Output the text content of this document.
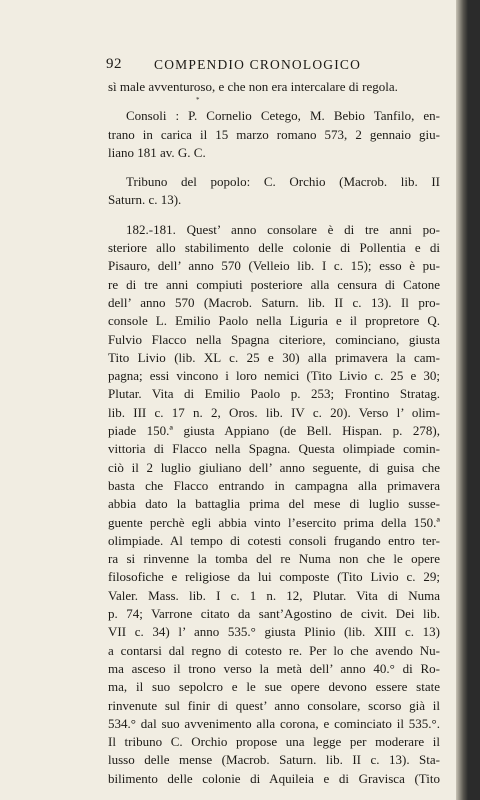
92 COMPENDIO CRONOLOGICO
*
sì male avventuroso, e che non era intercalare di regola.
Consoli : P. Cornelio Cetego, M. Bebio Tanfilo, en-
trano in carica il 15 marzo romano 573, 2 gennaio giu-
liano 181 av. G. C.
Tribuno del popolo: C. Orchio (Macrob. lib. II
Saturn. c. 13).
182.-181. Quest’ anno consolare è di tre anni po-
steriore allo stabilimento delle colonie di Pollentia e di
Pisauro, dell’ anno 570 (Velleio lib. I c. 15); esso è pu-
re di tre anni compiuti posteriore alla censura di Catone
dell’ anno 570 (Macrob. Saturn. lib. II c. 13). Il pro-
console L. Emilio Paolo nella Liguria e il propretore Q.
Fulvio Flacco nella Spagna citeriore, cominciano, giusta
Tito Livio (lib. XL c. 25 e 30) alla primavera la cam-
pagna; essi vincono i loro nemici (Tito Livio c. 25 e 30;
Plutar. Vita di Emilio Paolo p. 253; Frontino Stratag.
lib. III c. 17 n. 2, Oros. lib. IV c. 20). Verso l’ olim-
piade 150.ª giusta Appiano (de Bell. Hispan. p. 278),
vittoria di Flacco nella Spagna. Questa olimpiade comin-
ciò il 2 luglio giuliano dell’ anno seguente, di guisa che
basta che Flacco entrando in campagna alla primavera
abbia dato la battaglia prima del mese di luglio susse-
guente perchè egli abbia vinto l’esercito prima della 150.ª
olimpiade. Al tempo di cotesti consoli frugando entro ter-
ra si rinvenne la tomba del re Numa non che le opere
filosofiche e religiose da lui composte (Tito Livio c. 29;
Valer. Mass. lib. I c. 1 n. 12, Plutar. Vita di Numa
p. 74; Varrone citato da sant’Agostino de civit. Dei lib.
VII c. 34) l’ anno 535.° giusta Plinio (lib. XIII c. 13)
a contarsi dal regno di cotesto re. Per lo che avendo Nu-
ma asceso il trono verso la metà dell’ anno 40.° di Ro-
ma, il suo sepolcro e le sue opere devono essere state
rinvenute sul finir di quest’ anno consolare, scorso già il
534.° dal suo avvenimento alla corona, e cominciato il 535.°.
Il tribuno C. Orchio propose una legge per moderare il
lusso delle mense (Macrob. Saturn. lib. II c. 13). Sta-
bilimento delle colonie di Aquileia e di Gravisca (Tito
